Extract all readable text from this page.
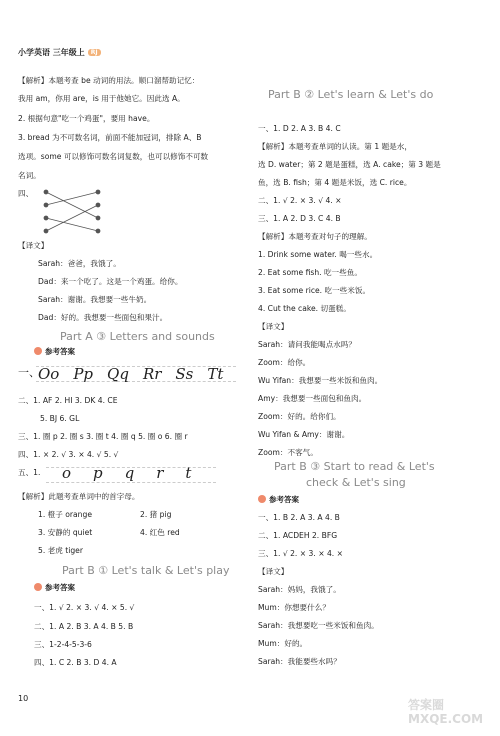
小学英语 三年级上 RJ
【解析】本题考查 be 动词的用法。顺口溜帮助记忆：
我用 am，你用 are，is 用于他她它。因此选 A。
2. 根据句意"吃一个鸡蛋"，要用 have。
3. bread 为不可数名词，前面不能加冠词，排除 A、B
选项。some 可以修饰可数名词复数，也可以修饰不可数
名词。
四、
【译文】
Sarah：爸爸，我饿了。
Dad：来一个吃了。这是一个鸡蛋。给你。
Sarah：谢谢。我想要一些牛奶。
Dad：好的。我想要一些面包和果汁。
Part A ③ Letters and sounds
参考答案
一、
Oo Pp Qq Rr Ss Tt
二、1. AF 2. HI 3. DK 4. CE
5. BJ 6. GL
三、1. 圈 p 2. 圈 s 3. 圈 t 4. 圈 q 5. 圈 o 6. 圈 r
四、1. × 2. √ 3. × 4. √ 5. √
五、1. o p q r t
【解析】此题考查单词中的首字母。
1. 橙子 orange	2. 猪 pig
3. 安静的 quiet	4. 红色 red
5. 老虎 tiger
Part B ① Let's talk & Let's play
参考答案
一、1. √ 2. × 3. √ 4. × 5. √
二、1. A 2. B 3. A 4. B 5. B
三、1-2-4-5-3-6
四、1. C 2. B 3. D 4. A
Part B ② Let's learn & Let's do
一、1. D 2. A 3. B 4. C
【解析】本题考查单词的认读。第 1 题是水，
选 D. water；第 2 题是蛋糕，选 A. cake；第 3 题是
鱼，选 B. fish；第 4 题是米饭，选 C. rice。
二、1. √ 2. × 3. √ 4. ×
三、1. A 2. D 3. C 4. B
【解析】本题考查对句子的理解。
1. Drink some water. 喝一些水。
2. Eat some fish. 吃一些鱼。
3. Eat some rice. 吃一些米饭。
4. Cut the cake. 切蛋糕。
【译文】
Sarah：请问我能喝点水吗？
Zoom：给你。
Wu Yifan：我想要一些米饭和鱼肉。
Amy：我想要一些面包和鱼肉。
Zoom：好的。给你们。
Wu Yifan & Amy：谢谢。
Zoom：不客气。
Part B ③ Start to read & Let's
check & Let's sing
参考答案
一、1. B 2. A 3. A 4. B
二、1. ACDEH 2. BFG
三、1. √ 2. × 3. × 4. ×
【译文】
Sarah：妈妈，我饿了。
Mum：你想要什么？
Sarah：我想要吃一些米饭和鱼肉。
Mum：好的。
Sarah：我能要些水吗？
10	答案圈
MXQE.COM
